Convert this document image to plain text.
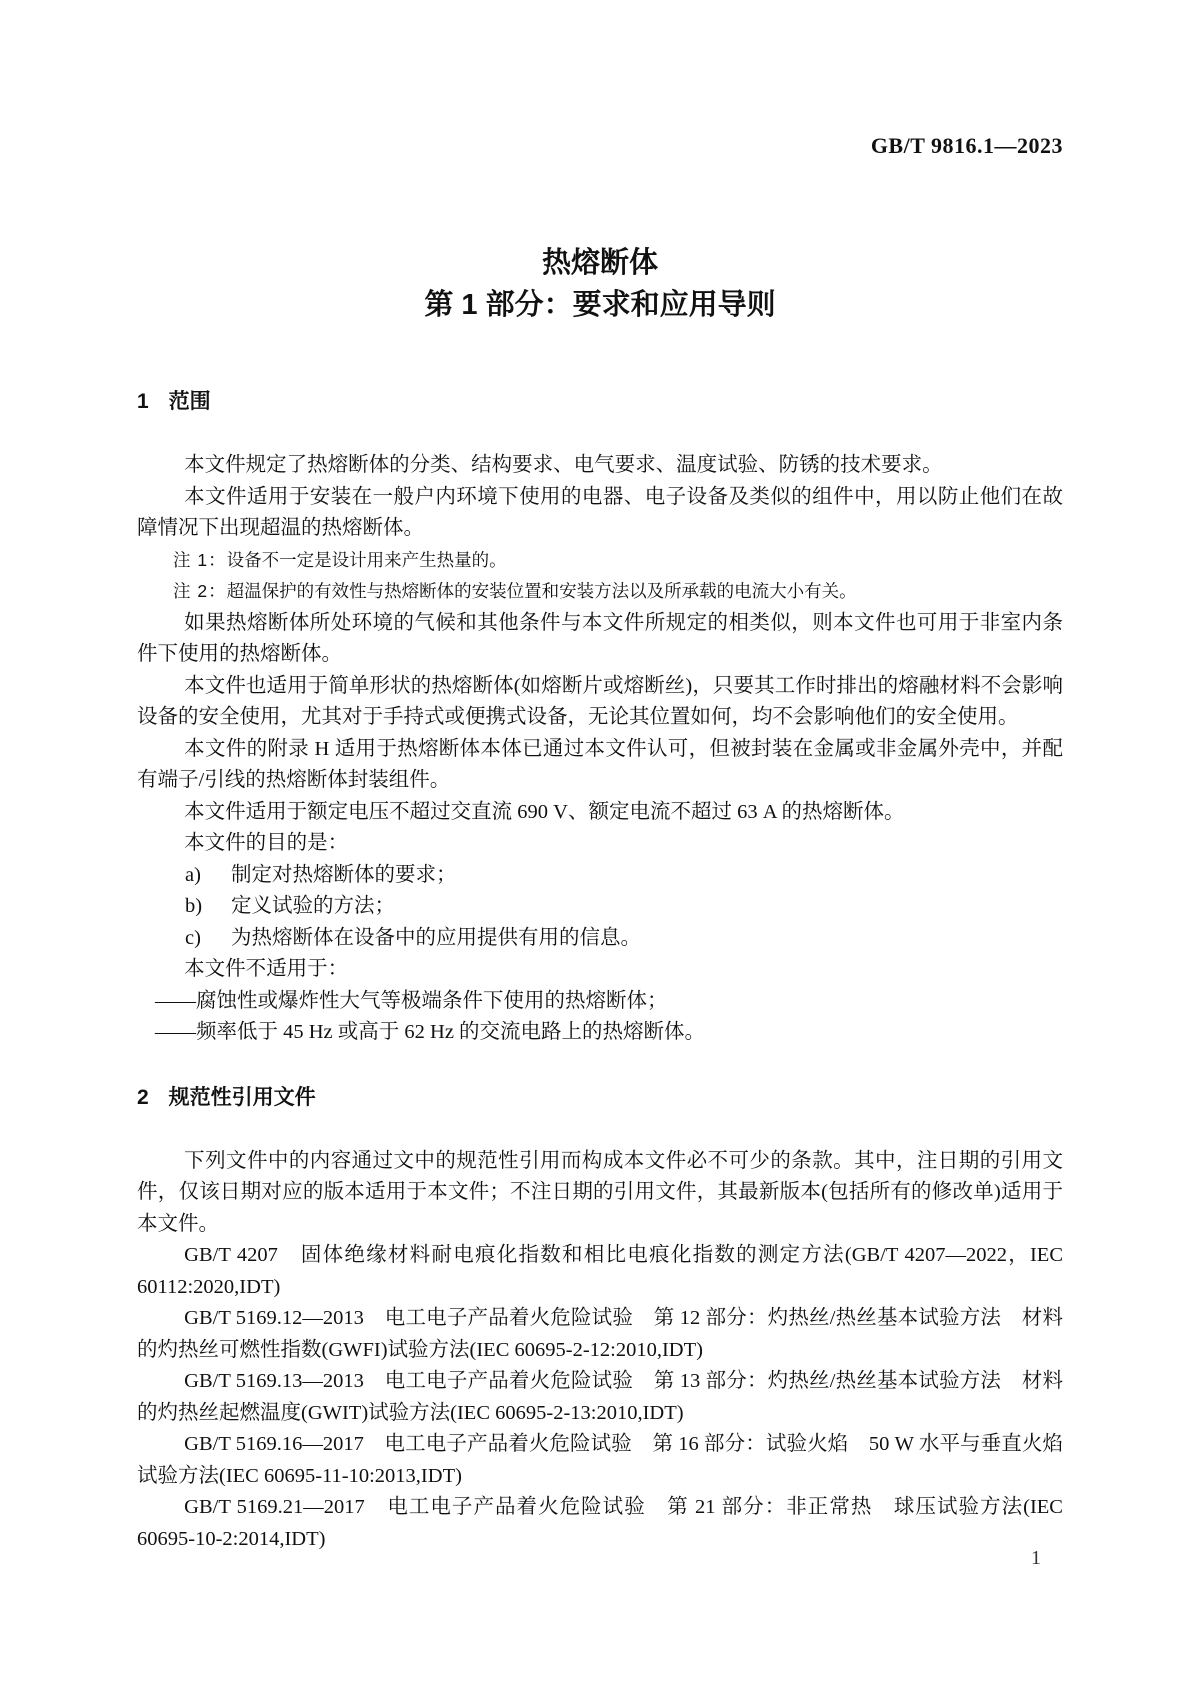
GB/T 9816.1—2023
热熔断体
第 1 部分：要求和应用导则
1 范围

本文件规定了热熔断体的分类、结构要求、电气要求、温度试验、防锈的技术要求。

本文件适用于安装在一般户内环境下使用的电器、电子设备及类似的组件中，用以防止他们在故障情况下出现超温的热熔断体。

注 1：设备不一定是设计用来产生热量的。

注 2：超温保护的有效性与热熔断体的安装位置和安装方法以及所承载的电流大小有关。

如果热熔断体所处环境的气候和其他条件与本文件所规定的相类似，则本文件也可用于非室内条件下使用的热熔断体。

本文件也适用于简单形状的热熔断体(如熔断片或熔断丝)，只要其工作时排出的熔融材料不会影响设备的安全使用，尤其对于手持式或便携式设备，无论其位置如何，均不会影响他们的安全使用。

本文件的附录 H 适用于热熔断体本体已通过本文件认可，但被封装在金属或非金属外壳中，并配有端子/引线的热熔断体封装组件。

本文件适用于额定电压不超过交直流 690 V、额定电流不超过 63 A 的热熔断体。

本文件的目的是：

a) 制定对热熔断体的要求；

b) 定义试验的方法；

c) 为热熔断体在设备中的应用提供有用的信息。

本文件不适用于：

——腐蚀性或爆炸性大气等极端条件下使用的热熔断体；

——频率低于 45 Hz 或高于 62 Hz 的交流电路上的热熔断体。

2 规范性引用文件

下列文件中的内容通过文中的规范性引用而构成本文件必不可少的条款。其中，注日期的引用文件，仅该日期对应的版本适用于本文件；不注日期的引用文件，其最新版本(包括所有的修改单)适用于本文件。

GB/T 4207　固体绝缘材料耐电痕化指数和相比电痕化指数的测定方法(GB/T 4207—2022，IEC 60112:2020,IDT)

GB/T 5169.12—2013　电工电子产品着火危险试验　第 12 部分：灼热丝/热丝基本试验方法　材料的灼热丝可燃性指数(GWFI)试验方法(IEC 60695-2-12:2010,IDT)

GB/T 5169.13—2013　电工电子产品着火危险试验　第 13 部分：灼热丝/热丝基本试验方法　材料的灼热丝起燃温度(GWIT)试验方法(IEC 60695-2-13:2010,IDT)

GB/T 5169.16—2017　电工电子产品着火危险试验　第 16 部分：试验火焰　50 W 水平与垂直火焰试验方法(IEC 60695-11-10:2013,IDT)

GB/T 5169.21—2017　电工电子产品着火危险试验　第 21 部分：非正常热　球压试验方法(IEC 60695-10-2:2014,IDT)

1
